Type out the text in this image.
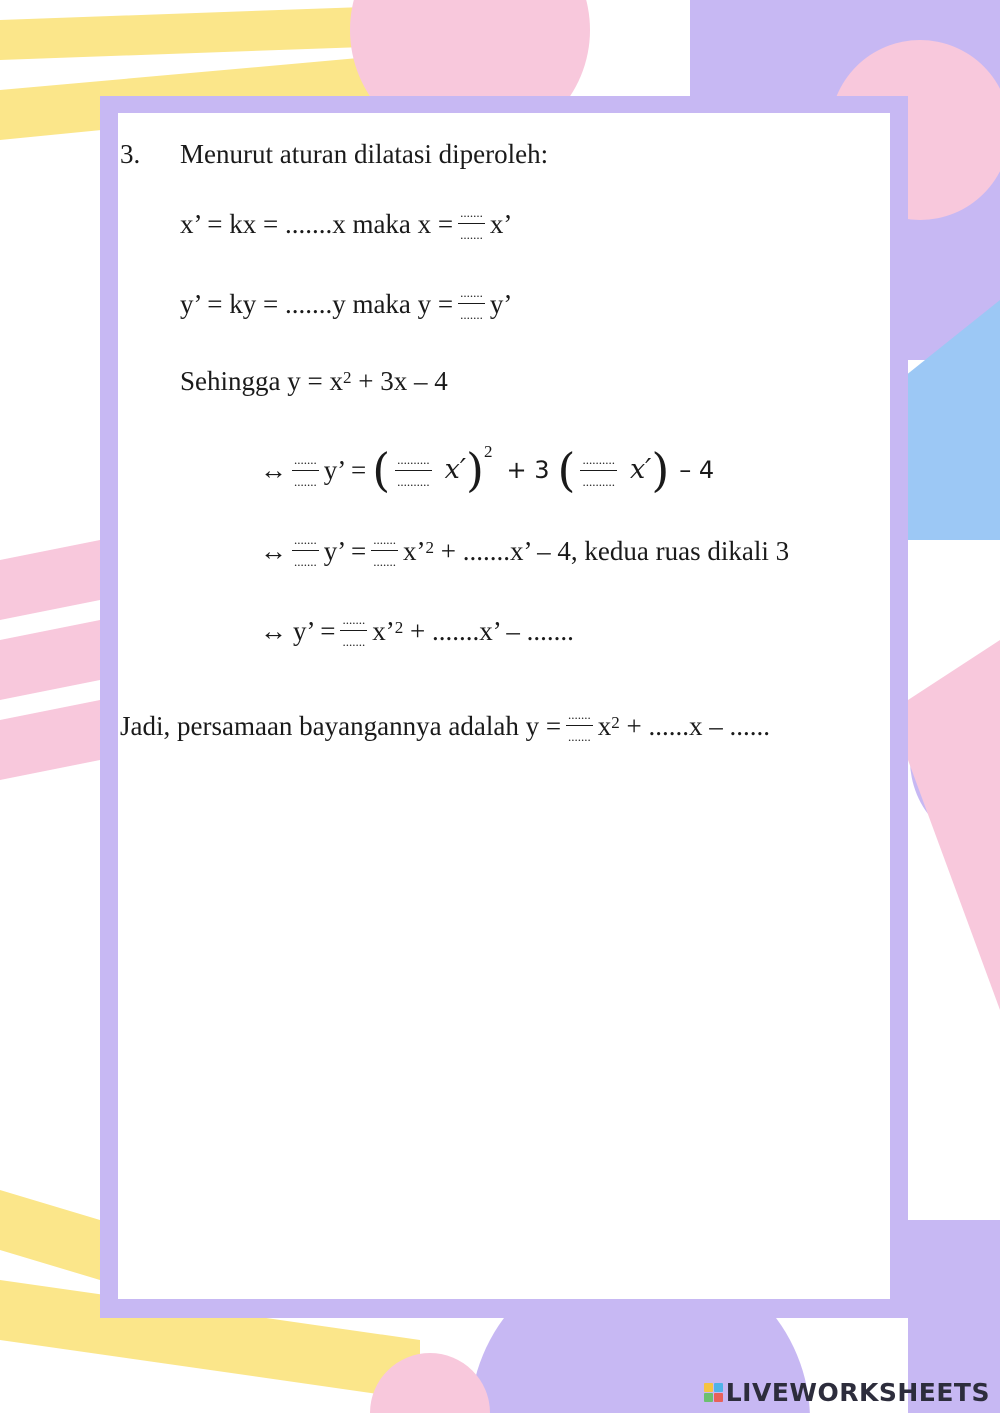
3.	Menurut aturan dilatasi diperoleh:
x’ = kx = .......x maka $x = \frac{.......}{.......} x$’
y’ = ky = .......y maka $y = \frac{.......}{.......} y$’
Sehingga $y = x^2 + 3x - 4$
↔ $\frac{.......}{.......} y$’ = ( $\frac{..........}{..........} x'$ )$^2$
+ 3 ( $\frac{..........}{..........} x'$ ) – 4
↔ $\frac{.......}{.......} y$’ = $\frac{.......}{.......}$ x’$^2$ + .......x’ – 4, kedua ruas dikali 3
↔ y’ = $\frac{.......}{.......}$ x’$^2$ + .......x’ – .......
Jadi, persamaan bayangannya adalah $y = \frac{.......}{.......} x^2 + ......x$ – ......
LIVEWORKSHEETS
